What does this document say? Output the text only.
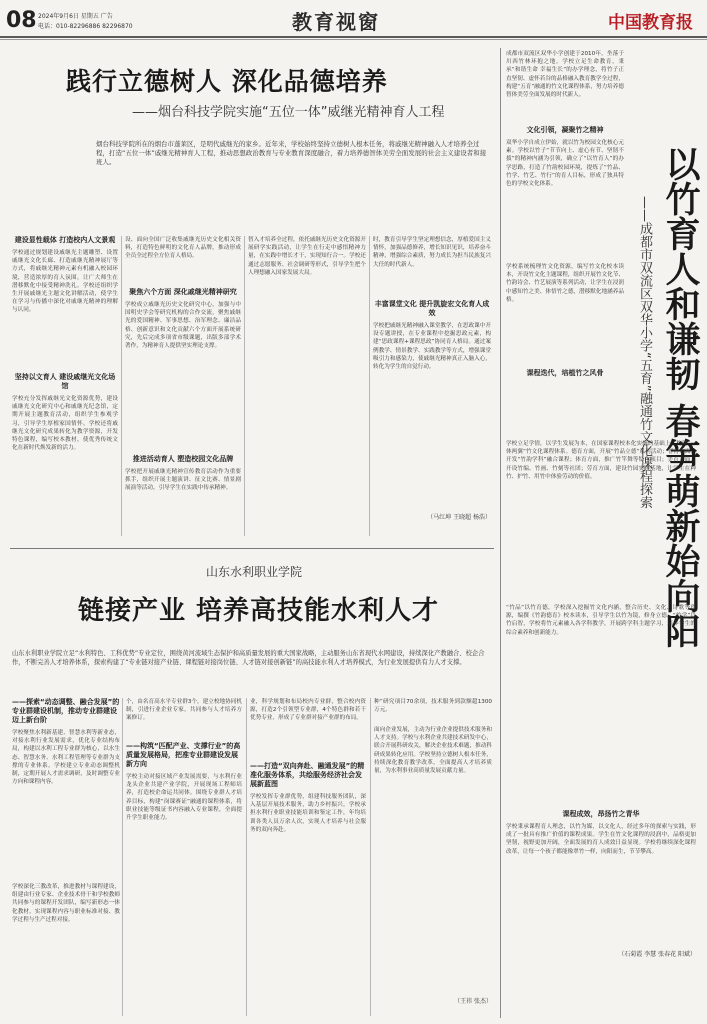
08 2024年9月6日 星期五 广告
电话：010-82296886 82296870	教育视窗	中国教育报
践行立德树人 深化品德培养
——烟台科技学院实施“五位一体”威继光精神育人工程
烟台科技学院所在的烟台市蓬莱区，是明代戚继光的家乡。近年来，学校始终坚持立德树人根本任务，将戚继光精神融入人才培养全过程，打造“五位一体”戚继光精神育人工程，推动思想政治教育与专业教育深度融合，着力培养德智体美劳全面发展的社会主义建设者和接班人。
建设显性载体 打造校内人文景观
学校通过规划建设戚继光主题雕塑、设置戚继光文化长廊、打造戚继光精神展厅等方式，将戚继光精神元素有机融入校园环境，营造浓厚的育人氛围，让广大师生在潜移默化中接受精神洗礼。学校还组织学生开展戚继光主题文化讲解活动，使学生在学习与传播中深化对戚继光精神的理解与认同。
坚持以文育人 建设戚继光文化场馆
学校充分发挥戚继光文化资源优势，建设戚继光文化研究中心和戚继光纪念馆，定期开展主题教育活动，组织学生参观学习，引导学生厚植家国情怀。学校还将戚继光文化研究成果转化为教学资源，开发特色课程，编写校本教材，使优秀传统文化在新时代焕发新的活力。
设、面向全国广泛收集戚继光历史文化相关资料，打造特色鲜明的文化育人品牌，推动形成全员全过程全方位育人格局。
聚焦六个方面 深化戚继光精神研究
学校成立戚继光历史文化研究中心，加强与中国明史学会等研究机构的合作交流，聚焦戚继光的爱国精神、军事思想、治军理念、廉洁品格、创新意识和文化贡献六个方面开展系统研究，先后完成多项省市级课题，出版多部学术著作，为精神育人提供坚实理论支撑。
推进活动育人 塑造校园文化品牌
学校把开展戚继光精神宣传教育活动作为重要抓手，组织开展主题演讲、征文比赛、情景剧展演等活动，引导学生在实践中传承精神。
智入才培养全过程，依托戚继光历史文化资源开展研学实践活动，让学生在行走中感悟精神力量，在实践中增长才干，实现知行合一。学校还通过志愿服务、社会调研等形式，引导学生把个人理想融入国家发展大局。
时，教育引导学生坚定理想信念，厚植爱国主义情怀，加强品德修养，增长知识见识，培养奋斗精神，增强综合素质，努力成长为担当民族复兴大任的时代新人。
丰富课堂文化 提升凯旋宏文化育人成效
学校把戚继光精神融入课堂教学，在思政课中开设专题讲授，在专业课程中挖掘思政元素，构建“思政课程+课程思政”协同育人格局。通过案例教学、情景教学、实践教学等方式，增强课堂吸引力和感染力，使戚继光精神真正入脑入心，转化为学生的自觉行动。
（马红坤 王晓超 杨浩）
山东水利职业学院
链接产业 培养高技能水利人才
山东水利职业学院立足“水利特色、工科优势”专业定位，围绕黄河流域生态保护和高质量发展的重大国家战略，主动服务山东省现代水网建设，持续深化产教融合、校企合作，不断完善人才培养体系，探索构建了“专业链对接产业链、课程链对接岗位链、人才链对接创新链”的高技能水利人才培养模式，为行业发展提供有力人才支撑。
——探索“动态调整、融合发展”的专业群建设机制，推动专业群建设迈上新台阶
学校聚焦水利新基建、智慧水利等新业态，对接水利行业发展需求，优化专业结构布局，构建以水利工程专业群为核心，以水生态、智慧水务、水利工程管理等专业群为支撑的专业体系。学校建立专业动态调整机制，定期开展人才需求调研，及时调整专业方向和课程内容。
学校深化三教改革，推进教材与课程建设，组建由行业专家、企业技术骨干和学校教师共同参与的课程开发团队，编写新形态一体化教材，实现课程内容与职业标准对接、教学过程与生产过程对接。
个，由名育高水平专业群3个，建立校地协同机制，引进行业企业专家，共同参与人才培养方案修订。
——构筑“匹配产业、支撑行业”的高质量发展格局，把准专业群建设发展新方向
学校主动对接区域产业发展需要，与水利行业龙头企业共建产业学院，开展现场工程师培养，打造校企命运共同体。围绕专业群人才培养目标，构建“岗课赛证”融通的课程体系，将职业技能等级证书内容融入专业课程，全面提升学生职业能力。
业，科学规划和布局校内专业群，整合校内资源，打造2个引领型专业群，4个特色群和若干优势专业，形成了专业群对接产业群的布局。
——打造“双向奔赴、融通发展”的精准化服务体系，共绘服务经济社会发展新蓝图
学校发挥专业群优势，组建科技服务团队，深入基层开展技术服务，助力乡村振兴。学校承担水利行业职业技能培训和鉴定工作，年均培训各类人员万余人次，实现人才培养与社会服务的双向奔赴。
种”研究项目70余项，技术服务到款额超1300万元。
面向企业发展，主动为行业企业提供技术服务和人才支持。学校与水利企业共建技术研发中心，联合开展科研攻关，解决企业技术难题，推动科研成果转化应用。学校坚持立德树人根本任务，持续深化教育教学改革，全面提高人才培养质量，为水利事业高质量发展贡献力量。
（王祎 张杰）
以竹育人和谦韧 春笋萌新始向阳
——成都市双流区双华小学“五育”融通竹文化课程探索
成都市双流区双华小学创建于2010年，坐落于川西竹林环抱之地。学校立足生命教育，秉承“和谐生命 幸福生长”的办学理念，将竹子正直坚韧、虚怀若谷的品格融入教育教学全过程，构建“五育”融通的竹文化课程体系，努力培养德智体美劳全面发展的时代新人。
文化引领，凝聚竹之精神
双华小学自成立伊始，就以竹为校园文化核心元素。学校以竹子“节节向上、虚心有节、坚韧不拔”的精神内涵为引领，确立了“以竹育人”的办学思路，打造了竹韵校园环境，提炼了“竹品、竹学、竹艺、竹行”的育人目标，形成了独具特色的学校文化体系。
学校系统梳理竹文化资源，编写竹文化校本读本，开设竹文化主题课程，组织开展竹文化节、竹韵诗会、竹艺展演等系列活动，让学生在浸润中感知竹之美、体悟竹之德，潜移默化地涵养品格。
课程迭代，培植竹之风骨
学校立足学情，以学生发展为本，在国家课程校本化实施的基础上，构建“一体两翼”竹文化课程体系。德育方面，开展“竹品立德”系列活动；智育方面，开发“竹韵学科”融合课程；体育方面，推广竹竿舞等特色项目；美育方面，开设竹编、竹画、竹刻等社团；劳育方面，建设竹园实践基地，让学生在种竹、护竹、用竹中体验劳动的价值。
“竹品”以竹育德，学校深入挖掘竹文化内涵，整合历史、文化、诗歌等资源，编撰《竹韵德育》校本读本，引导学生以竹为镜，修身立德。“竹学”以竹启智，学校将竹元素融入各学科教学，开展跨学科主题学习，培养学生的综合素养和创新能力。
课程成效，昂扬竹之青华
学校秉承课程育人理念，以竹为媒，以文化人，经过多年的探索与实践，形成了一批具有推广价值的课程成果。学生在竹文化课程的浸润中，品格更加坚韧，视野更加开阔，全面发展的育人成效日益显现。学校将继续深化课程改革，让每一个孩子都能像翠竹一样，向阳而生，节节攀高。
（石菊霞 李慧 张春花 阳斌）
